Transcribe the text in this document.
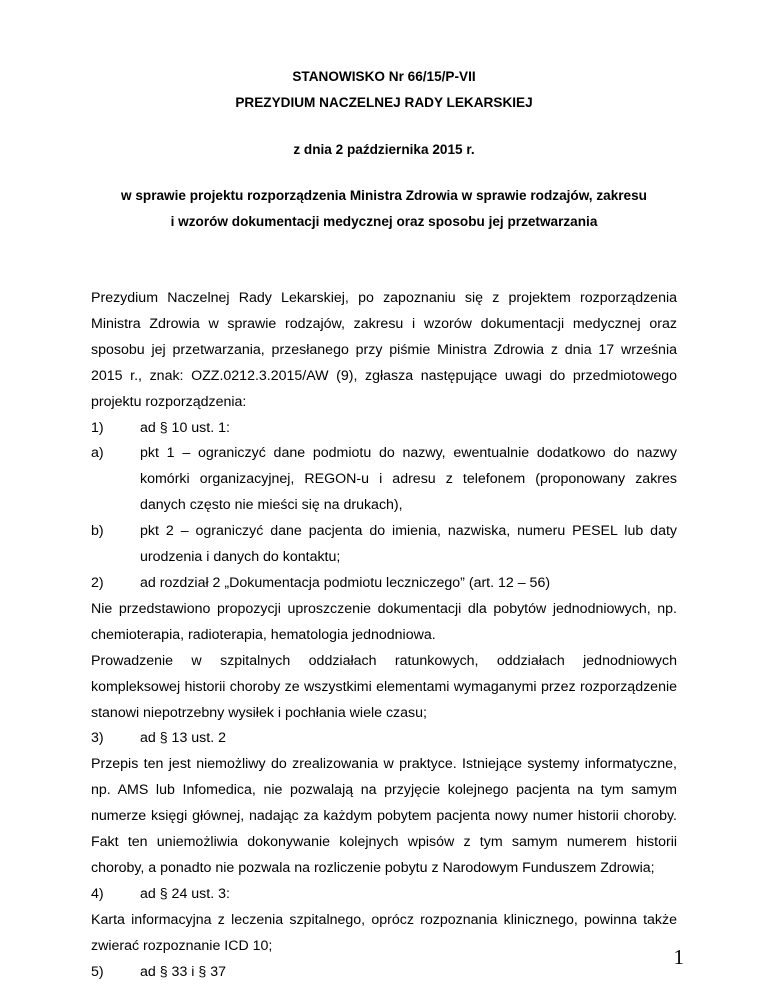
STANOWISKO Nr 66/15/P-VII
PREZYDIUM NACZELNEJ RADY LEKARSKIEJ
z dnia 2 października 2015 r.
w sprawie projektu rozporządzenia Ministra Zdrowia w sprawie rodzajów, zakresu
i wzorów dokumentacji medycznej oraz sposobu jej przetwarzania

Prezydium Naczelnej Rady Lekarskiej, po zapoznaniu się z projektem rozporządzenia Ministra Zdrowia w sprawie rodzajów, zakresu i wzorów dokumentacji medycznej oraz sposobu jej przetwarzania, przesłanego przy piśmie Ministra Zdrowia z dnia 17 września 2015 r., znak: OZZ.0212.3.2015/AW (9), zgłasza następujące uwagi do przedmiotowego projektu rozporządzenia:

1)	ad § 10 ust. 1:
a)	pkt 1 – ograniczyć dane podmiotu do nazwy, ewentualnie dodatkowo do nazwy komórki organizacyjnej, REGON-u i adresu z telefonem (proponowany zakres danych często nie mieści się na drukach),
b)	pkt 2 – ograniczyć dane pacjenta do imienia, nazwiska, numeru PESEL lub daty urodzenia i danych do kontaktu;
2)	ad rozdział 2 „Dokumentacja podmiotu leczniczego” (art. 12 – 56)

Nie przedstawiono propozycji uproszczenie dokumentacji dla pobytów jednodniowych, np. chemioterapia, radioterapia, hematologia jednodniowa.

Prowadzenie w szpitalnych oddziałach ratunkowych, oddziałach jednodniowych

kompleksowej historii choroby ze wszystkimi elementami wymaganymi przez rozporządzenie stanowi niepotrzebny wysiłek i pochłania wiele czasu;

3)	ad § 13 ust. 2

Przepis ten jest niemożliwy do zrealizowania w praktyce. Istniejące systemy informatyczne, np. AMS lub Infomedica, nie pozwalają na przyjęcie kolejnego pacjenta na tym samym numerze księgi głównej, nadając za każdym pobytem pacjenta nowy numer historii choroby. Fakt ten uniemożliwia dokonywanie kolejnych wpisów z tym samym numerem historii choroby, a ponadto nie pozwala na rozliczenie pobytu z Narodowym Funduszem Zdrowia;

4)	ad § 24 ust. 3:

Karta informacyjna z leczenia szpitalnego, oprócz rozpoznania klinicznego, powinna także zwierać rozpoznanie ICD 10;

5)	ad § 33 i § 37
1
